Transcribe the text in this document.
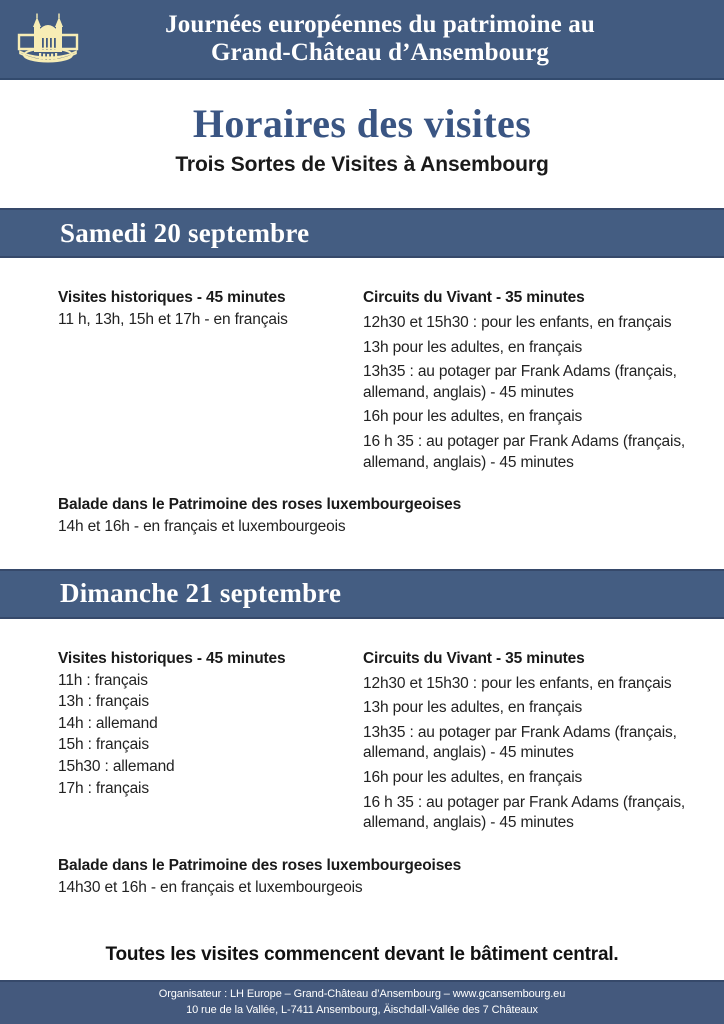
Journées européennes du patrimoine au
Grand-Château d’Ansembourg
Horaires des visites
Trois Sortes de Visites à Ansembourg
Samedi 20 septembre
Visites historiques - 45 minutes
11 h, 13h, 15h et 17h - en français
Circuits du Vivant - 35 minutes
12h30 et 15h30 : pour les enfants, en français
13h pour les adultes, en français
13h35 : au potager par Frank Adams (français, allemand, anglais) - 45 minutes
16h pour les adultes, en français
16 h 35 : au potager par Frank Adams (français, allemand, anglais) - 45 minutes
Balade dans le Patrimoine des roses luxembourgeoises
14h et 16h - en français et luxembourgeois
Dimanche 21 septembre
Visites historiques - 45 minutes
11h : français
13h : français
14h : allemand
15h : français
15h30 : allemand
17h : français
Circuits du Vivant - 35 minutes
12h30 et 15h30 : pour les enfants, en français
13h pour les adultes, en français
13h35 : au potager par Frank Adams (français, allemand, anglais) - 45 minutes
16h pour les adultes, en français
16 h 35 : au potager par Frank Adams (français, allemand, anglais) - 45 minutes
Balade dans le Patrimoine des roses luxembourgeoises
14h30 et 16h - en français et luxembourgeois
Toutes les visites commencent devant le bâtiment central.
Organisateur : LH Europe – Grand-Château d’Ansembourg – www.gcansembourg.eu
10 rue de la Vallée, L-7411 Ansembourg, Äischdall-Vallée des 7 Châteaux
